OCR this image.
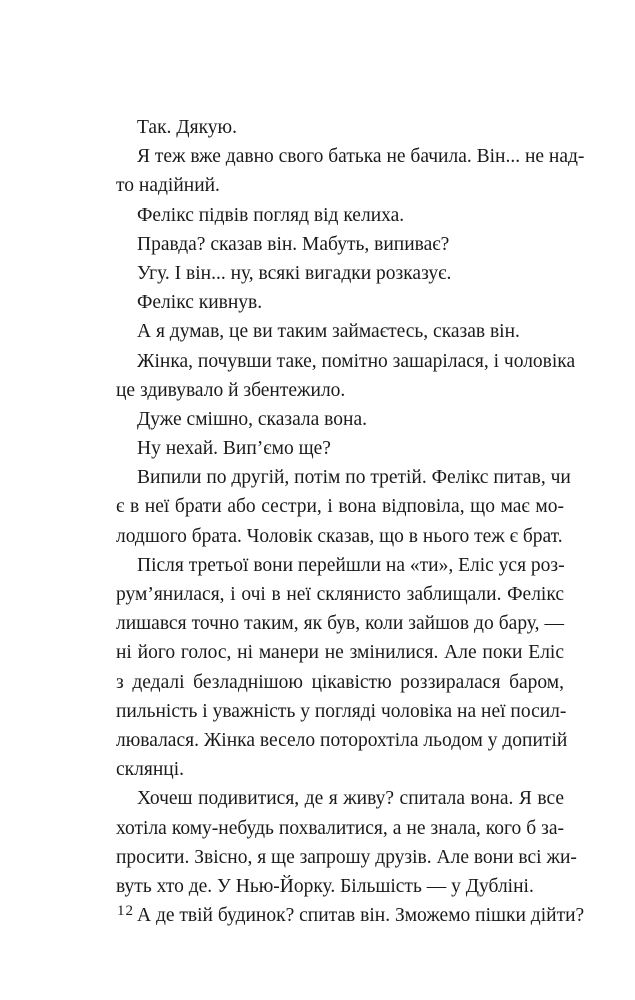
Так. Дякую.
Я теж вже давно свого батька не бачила. Він... не над-
то надійний.
Фелікс підвів погляд від келиха.
Правда? сказав він. Мабуть, випиває?
Угу. І він... ну, всякі вигадки розказує.
Фелікс кивнув.
А я думав, це ви таким займаєтесь, сказав він.
Жінка, почувши таке, помітно зашарілася, і чоловіка
це здивувало й збентежило.
Дуже смішно, сказала вона.
Ну нехай. Вип’ємо ще?
Випили по другій, потім по третій. Фелікс питав, чи
є в неї брати або сестри, і вона відповіла, що має мо-
лодшого брата. Чоловік сказав, що в нього теж є брат.
Після третьої вони перейшли на «ти», Еліс уся роз-
рум’янилася, і очі в неї склянисто заблищали. Фелікс
лишався точно таким, як був, коли зайшов до бару, —
ні його голос, ні манери не змінилися. Але поки Еліс
з дедалі безладнішою цікавістю роззиралася баром,
пильність і уважність у погляді чоловіка на неї посил-
лювалася. Жінка весело поторохтіла льодом у допитій
склянці.
Хочеш подивитися, де я живу? спитала вона. Я все
хотіла кому-небудь похвалитися, а не знала, кого б за-
просити. Звісно, я ще запрошу друзів. Але вони всі жи-
вуть хто де. У Нью-Йорку. Більшість — у Дубліні.
А де твій будинок? спитав він. Зможемо пішки дійти?
12
